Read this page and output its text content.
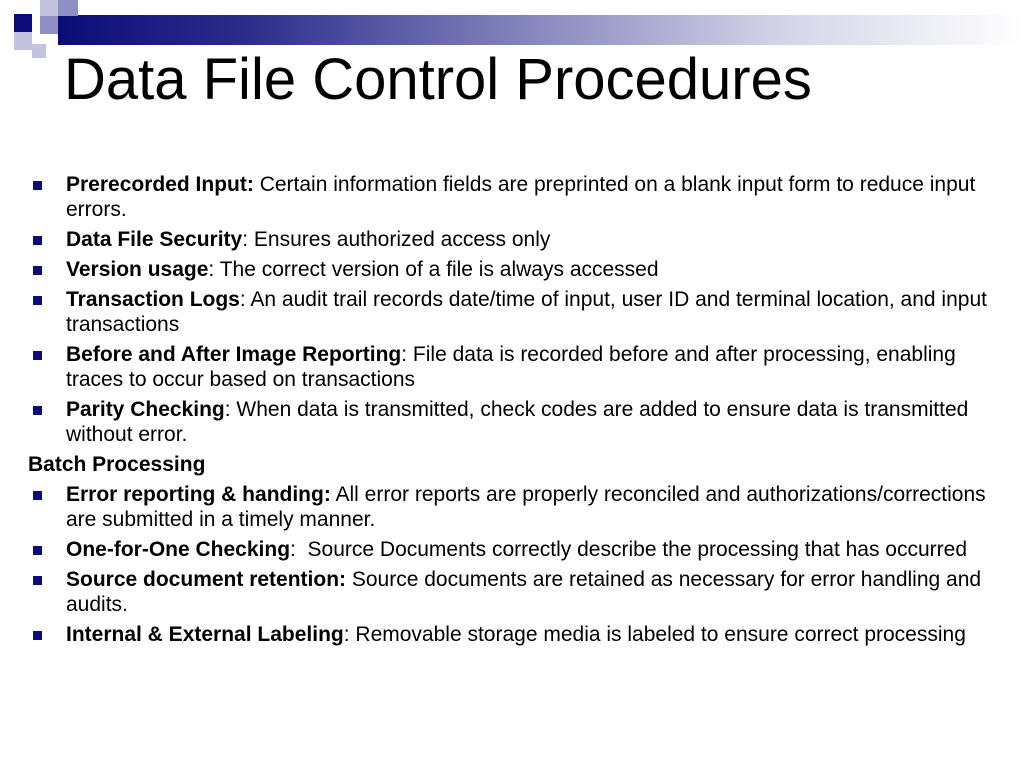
Data File Control Procedures
Prerecorded Input: Certain information fields are preprinted on a blank input form to reduce input errors.
Data File Security: Ensures authorized access only
Version usage: The correct version of a file is always accessed
Transaction Logs: An audit trail records date/time of input, user ID and terminal location, and input transactions
Before and After Image Reporting: File data is recorded before and after processing, enabling traces to occur based on transactions
Parity Checking: When data is transmitted, check codes are added to ensure data is transmitted without error.
Batch Processing
Error reporting & handing: All error reports are properly reconciled and authorizations/corrections are submitted in a timely manner.
One-for-One Checking:  Source Documents correctly describe the processing that has occurred
Source document retention: Source documents are retained as necessary for error handling and audits.
Internal & External Labeling: Removable storage media is labeled to ensure correct processing
